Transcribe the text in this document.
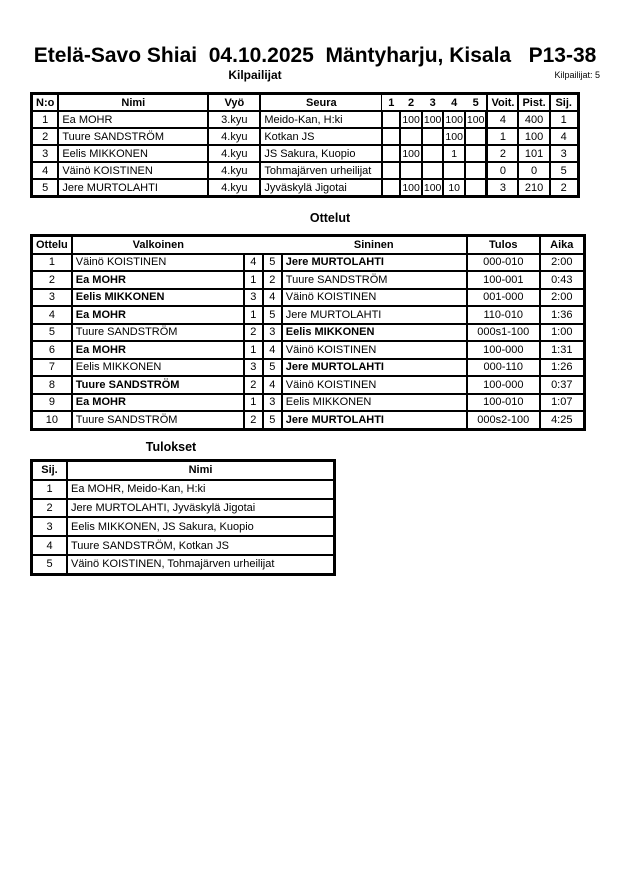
Etelä-Savo Shiai  04.10.2025  Mäntyharju, Kisala   P13-38
Kilpailijat	Kilpailijat: 5
N:o	Nimi	Vyö	Seura	1	2	3	4	5	Voit.	Pist.	Sij.
1	Ea MOHR	3.kyu	Meido-Kan, H:ki		100	100	100	100	4	400	1
2	Tuure SANDSTRÖM	4.kyu	Kotkan JS				100		1	100	4
3	Eelis MIKKONEN	4.kyu	JS Sakura, Kuopio		100		1		2	101	3
4	Väinö KOISTINEN	4.kyu	Tohmajärven urheilijat						0	0	5
5	Jere MURTOLAHTI	4.kyu	Jyväskylä Jigotai		100	100	10		3	210	2
Ottelut
Ottelu	Valkoinen			Sininen	Tulos	Aika
1	Väinö KOISTINEN	4	5	Jere MURTOLAHTI	000-010	2:00
2	Ea MOHR	1	2	Tuure SANDSTRÖM	100-001	0:43
3	Eelis MIKKONEN	3	4	Väinö KOISTINEN	001-000	2:00
4	Ea MOHR	1	5	Jere MURTOLAHTI	110-010	1:36
5	Tuure SANDSTRÖM	2	3	Eelis MIKKONEN	000s1-100	1:00
6	Ea MOHR	1	4	Väinö KOISTINEN	100-000	1:31
7	Eelis MIKKONEN	3	5	Jere MURTOLAHTI	000-110	1:26
8	Tuure SANDSTRÖM	2	4	Väinö KOISTINEN	100-000	0:37
9	Ea MOHR	1	3	Eelis MIKKONEN	100-010	1:07
10	Tuure SANDSTRÖM	2	5	Jere MURTOLAHTI	000s2-100	4:25
Tulokset
Sij.	Nimi
1	Ea MOHR, Meido-Kan, H:ki
2	Jere MURTOLAHTI, Jyväskylä Jigotai
3	Eelis MIKKONEN, JS Sakura, Kuopio
4	Tuure SANDSTRÖM, Kotkan JS
5	Väinö KOISTINEN, Tohmajärven urheilijat
